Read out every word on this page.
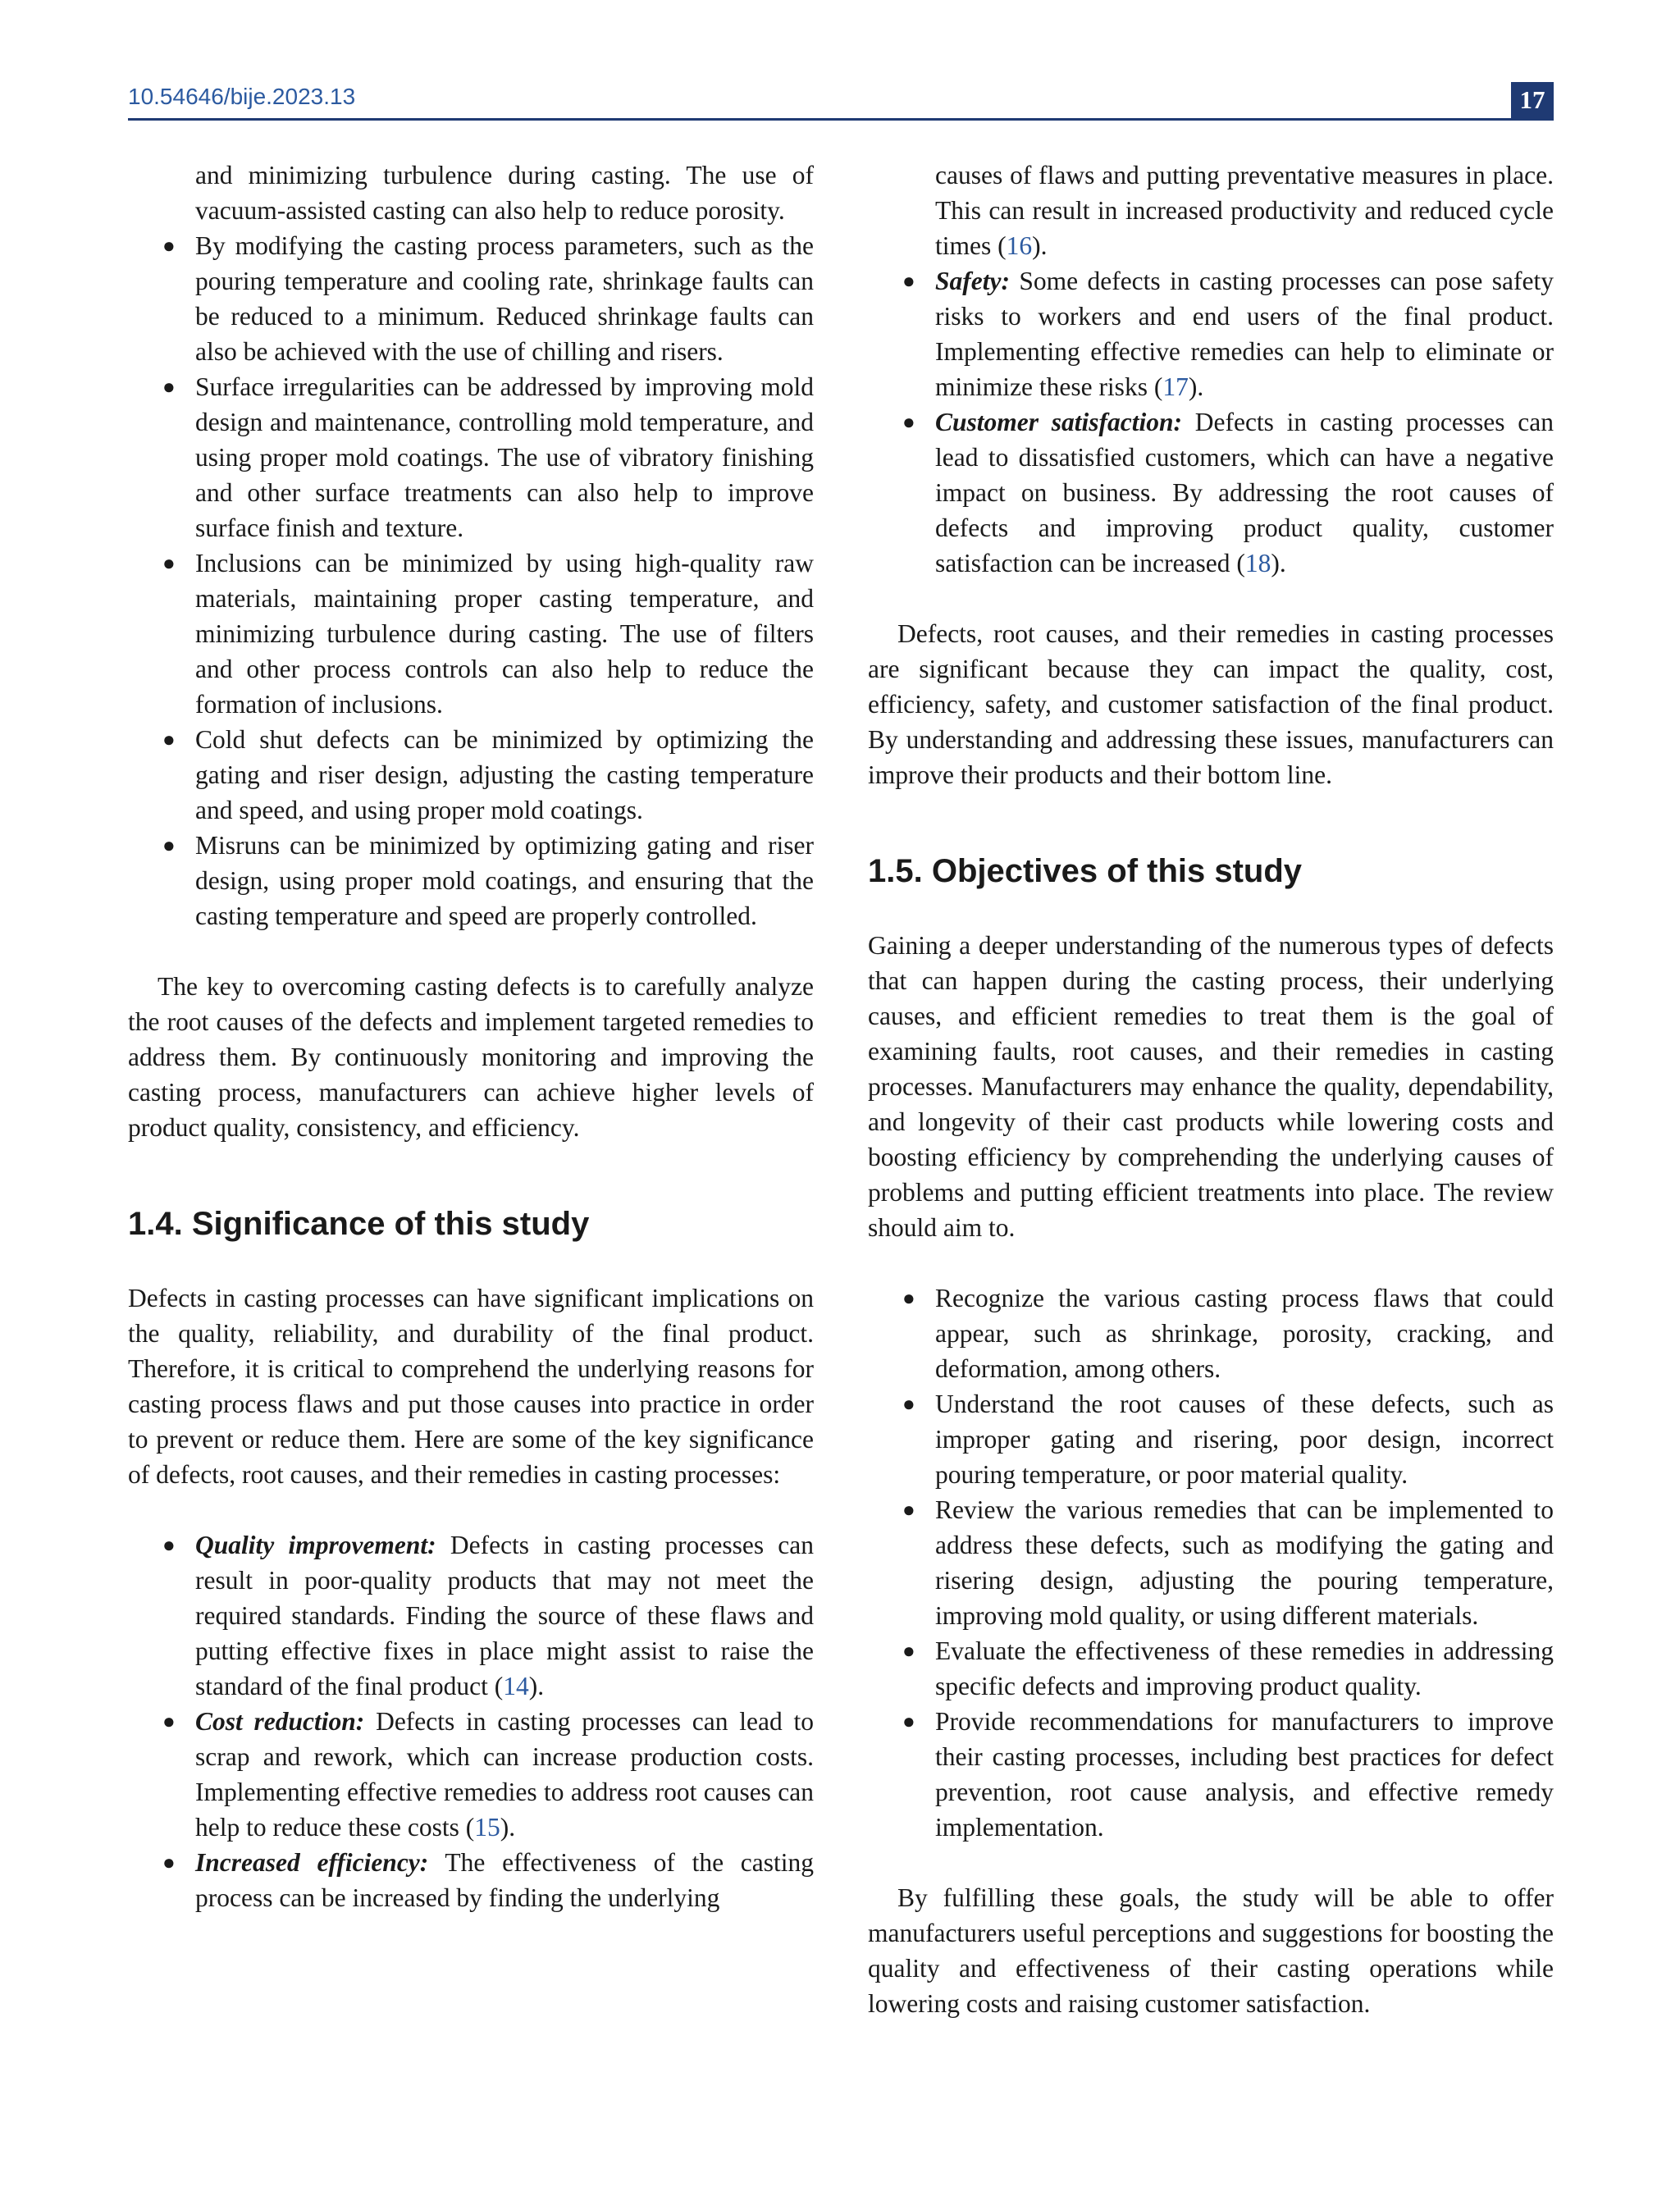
10.54646/bije.2023.13	17

and minimizing turbulence during casting. The use of vacuum-assisted casting can also help to reduce porosity.

● By modifying the casting process parameters, such as the pouring temperature and cooling rate, shrinkage faults can be reduced to a minimum. Reduced shrinkage faults can also be achieved with the use of chilling and risers.
● Surface irregularities can be addressed by improving mold design and maintenance, controlling mold temperature, and using proper mold coatings. The use of vibratory finishing and other surface treatments can also help to improve surface finish and texture.
● Inclusions can be minimized by using high-quality raw materials, maintaining proper casting temperature, and minimizing turbulence during casting. The use of filters and other process controls can also help to reduce the formation of inclusions.
● Cold shut defects can be minimized by optimizing the gating and riser design, adjusting the casting temperature and speed, and using proper mold coatings.
● Misruns can be minimized by optimizing gating and riser design, using proper mold coatings, and ensuring that the casting temperature and speed are properly controlled.

The key to overcoming casting defects is to carefully analyze the root causes of the defects and implement targeted remedies to address them. By continuously monitoring and improving the casting process, manufacturers can achieve higher levels of product quality, consistency, and efficiency.

1.4. Significance of this study

Defects in casting processes can have significant implications on the quality, reliability, and durability of the final product. Therefore, it is critical to comprehend the underlying reasons for casting process flaws and put those causes into practice in order to prevent or reduce them. Here are some of the key significance of defects, root causes, and their remedies in casting processes:

● Quality improvement: Defects in casting processes can result in poor-quality products that may not meet the required standards. Finding the source of these flaws and putting effective fixes in place might assist to raise the standard of the final product (14).
● Cost reduction: Defects in casting processes can lead to scrap and rework, which can increase production costs. Implementing effective remedies to address root causes can help to reduce these costs (15).
● Increased efficiency: The effectiveness of the casting process can be increased by finding the underlying

causes of flaws and putting preventative measures in place. This can result in increased productivity and reduced cycle times (16).

● Safety: Some defects in casting processes can pose safety risks to workers and end users of the final product. Implementing effective remedies can help to eliminate or minimize these risks (17).
● Customer satisfaction: Defects in casting processes can lead to dissatisfied customers, which can have a negative impact on business. By addressing the root causes of defects and improving product quality, customer satisfaction can be increased (18).

Defects, root causes, and their remedies in casting processes are significant because they can impact the quality, cost, efficiency, safety, and customer satisfaction of the final product. By understanding and addressing these issues, manufacturers can improve their products and their bottom line.

1.5. Objectives of this study

Gaining a deeper understanding of the numerous types of defects that can happen during the casting process, their underlying causes, and efficient remedies to treat them is the goal of examining faults, root causes, and their remedies in casting processes. Manufacturers may enhance the quality, dependability, and longevity of their cast products while lowering costs and boosting efficiency by comprehending the underlying causes of problems and putting efficient treatments into place. The review should aim to.

● Recognize the various casting process flaws that could appear, such as shrinkage, porosity, cracking, and deformation, among others.
● Understand the root causes of these defects, such as improper gating and risering, poor design, incorrect pouring temperature, or poor material quality.
● Review the various remedies that can be implemented to address these defects, such as modifying the gating and risering design, adjusting the pouring temperature, improving mold quality, or using different materials.
● Evaluate the effectiveness of these remedies in addressing specific defects and improving product quality.
● Provide recommendations for manufacturers to improve their casting processes, including best practices for defect prevention, root cause analysis, and effective remedy implementation.

By fulfilling these goals, the study will be able to offer manufacturers useful perceptions and suggestions for boosting the quality and effectiveness of their casting operations while lowering costs and raising customer satisfaction.
